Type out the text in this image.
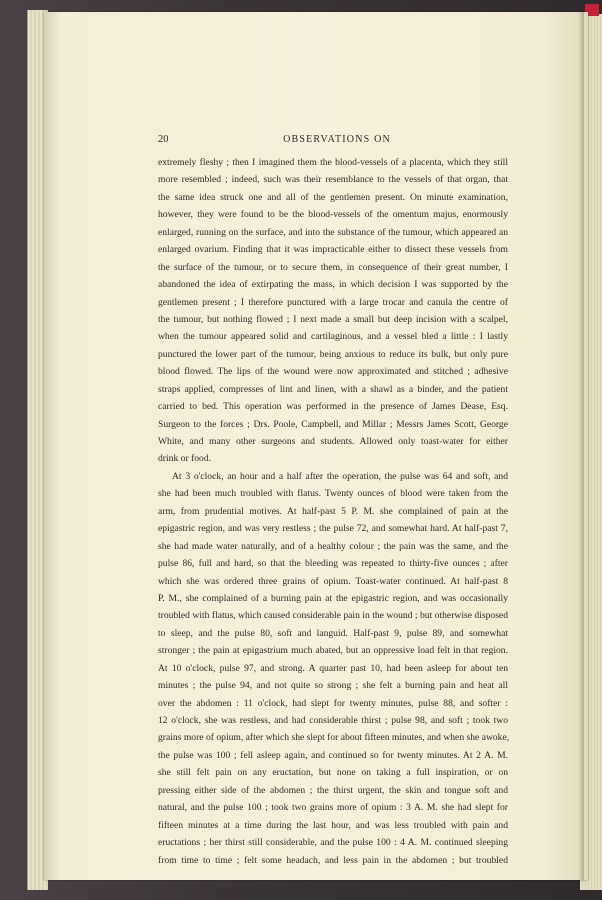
20	OBSERVATIONS ON
extremely fleshy ; then I imagined them the blood-vessels of a placenta, which they still
more resembled ; indeed, such was their resemblance to the vessels of that organ, that
the same idea struck one and all of the gentlemen present. On minute examination,
however, they were found to be the blood-vessels of the omentum majus, enormously
enlarged, running on the surface, and into the substance of the tumour, which appeared an
enlarged ovarium. Finding that it was impracticable either to dissect these vessels from
the surface of the tumour, or to secure them, in consequence of their great number, I
abandoned the idea of extirpating the mass, in which decision I was supported by the
gentlemen present ; I therefore punctured with a large trocar and canula the centre of
the tumour, but nothing flowed ; I next made a small but deep incision with a scalpel,
when the tumour appeared solid and cartilaginous, and a vessel bled a little : I lastly
punctured the lower part of the tumour, being anxious to reduce its bulk, but only pure
blood flowed. The lips of the wound were now approximated and stitched ; adhesive
straps applied, compresses of lint and linen, with a shawl as a binder, and the patient
carried to bed. This operation was performed in the presence of James Dease, Esq.
Surgeon to the forces ; Drs. Poole, Campbell, and Millar ; Messrs James Scott, George
White, and many other surgeons and students. Allowed only toast-water for either
drink or food.
At 3 o'clock, an hour and a half after the operation, the pulse was 64 and soft, and
she had been much troubled with flatus. Twenty ounces of blood were taken from the
arm, from prudential motives. At half-past 5 P. M. she complained of pain at the
epigastric region, and was very restless ; the pulse 72, and somewhat hard. At half-past 7,
she had made water naturally, and of a healthy colour ; the pain was the same, and the
pulse 86, full and hard, so that the bleeding was repeated to thirty-five ounces ; after
which she was ordered three grains of opium. Toast-water continued. At half-past 8
P. M., she complained of a burning pain at the epigastric region, and was occasionally
troubled with flatus, which caused considerable pain in the wound ; but otherwise disposed
to sleep, and the pulse 80, soft and languid. Half-past 9, pulse 89, and somewhat
stronger ; the pain at epigastrium much abated, but an oppressive load felt in that region.
At 10 o'clock, pulse 97, and strong. A quarter past 10, had been asleep for about ten
minutes ; the pulse 94, and not quite so strong ; she felt a burning pain and heat all
over the abdomen : 11 o'clock, had slept for twenty minutes, pulse 88, and softer :
12 o'clock, she was restless, and had considerable thirst ; pulse 98, and soft ; took two
grains more of opium, after which she slept for about fifteen minutes, and when she awoke,
the pulse was 100 ; fell asleep again, and continued so for twenty minutes. At 2 A. M.
she still felt pain on any eructation, but none on taking a full inspiration, or on
pressing either side of the abdomen ; the thirst urgent, the skin and tongue soft and
natural, and the pulse 100 ; took two grains more of opium : 3 A. M. she had slept for
fifteen minutes at a time during the last hour, and was less troubled with pain and
eructations ; her thirst still considerable, and the pulse 100 : 4 A. M. continued sleeping
from time to time ; felt some headach, and less pain in the abdomen ; but troubled
